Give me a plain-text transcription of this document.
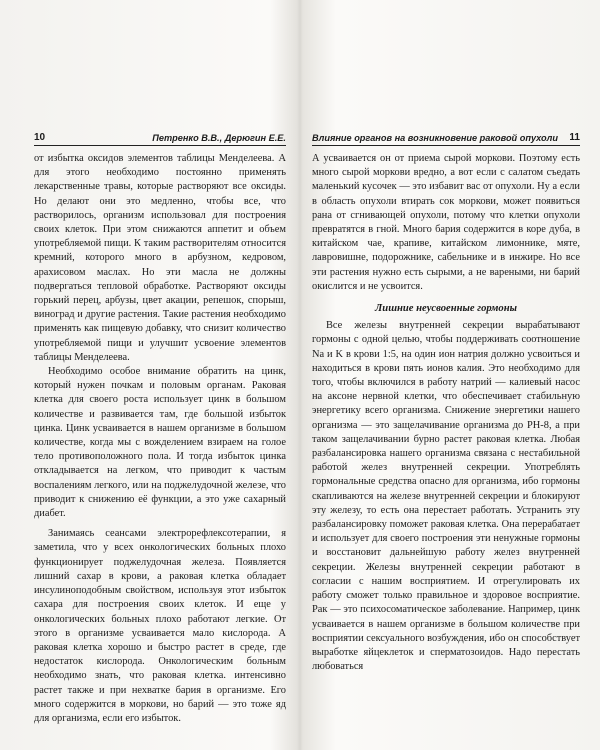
10	Петренко В.В., Дерюгин Е.Е.

от избытка оксидов элементов таблицы Менделеева. А для этого необходимо постоянно применять лекарственные травы, которые растворяют все оксиды. Но делают они это медленно, чтобы все, что растворилось, организм использовал для построения своих клеток. При этом снижаются аппетит и объем употребляемой пищи. К таким растворителям относится кремний, которого много в арбузном, кедровом, арахисовом маслах. Но эти масла не должны подвергаться тепловой обработке. Растворяют оксиды горький перец, арбузы, цвет акации, репешок, спорыш, виноград и другие растения. Такие растения необходимо применять как пищевую добавку, что снизит количество употребляемой пищи и улучшит усвоение элементов таблицы Менделеева.

Необходимо особое внимание обратить на цинк, который нужен почкам и половым органам. Раковая клетка для своего роста использует цинк в большом количестве и развивается там, где большой избыток цинка. Цинк усваивается в нашем организме в большом количестве, когда мы с вожделением взираем на голое тело противоположного пола. И тогда избыток цинка откладывается на легком, что приводит к частым воспалениям легкого, или на поджелудочной железе, что приводит к снижению её функции, а это уже сахарный диабет.

Занимаясь сеансами электрорефлексотерапии, я заметила, что у всех онкологических больных плохо функционирует поджелудочная железа. Появляется лишний сахар в крови, а раковая клетка обладает инсулиноподобным свойством, используя этот избыток сахара для построения своих клеток. И еще у онкологических больных плохо работают легкие. От этого в организме усваивается мало кислорода. А раковая клетка хорошо и быстро растет в среде, где недостаток кислорода. Онкологическим больным необходимо знать, что раковая клетка. интенсивно растет также и при нехватке бария в организме. Его много содержится в моркови, но барий — это тоже яд для организма, если его избыток.

Влияние органов на возникновение раковой опухоли 11

А усваивается он от приема сырой моркови. Поэтому есть много сырой моркови вредно, а вот если с салатом съедать маленький кусочек — это избавит вас от опухоли. Ну а если в область опухоли втирать сок моркови, может появиться рана от сгнивающей опухоли, потому что клетки опухоли превратятся в гной. Много бария содержится в коре дуба, в китайском чае, крапиве, китайском лимоннике, мяте, лавровишне, подорожнике, сабельнике и в инжире. Но все эти растения нужно есть сырыми, а не вареными, ни барий окислится и не усвоится.

Лишние неусвоенные гормоны

Все железы внутренней секреции вырабатывают гормоны с одной целью, чтобы поддерживать соотношение Na и K в крови 1:5, на один ион натрия должно усвоиться и находиться в крови пять ионов калия. Это необходимо для того, чтобы включился в работу натрий — калиевый насос на аксоне нервной клетки, что обеспечивает стабильную энергетику всего организма. Снижение энергетики нашего организма — это защелачивание организма до PH-8, а при таком защелачивании бурно растет раковая клетка. Любая разбалансировка нашего организма связана с нестабильной работой желез внутренней секреции. Употреблять гормональные средства опасно для организма, ибо гормоны скапливаются на железе внутренней секреции и блокируют эту железу, то есть она перестает работать. Устранить эту разбалансировку поможет раковая клетка. Она перерабатает и использует для своего построения эти ненужные гормоны и восстановит дальнейшую работу желез внутренней секреции. Железы внутренней секреции работают в согласии с нашим восприятием. И отрегулировать их работу сможет только правильное и здоровое восприятие. Рак — это психосоматическое заболевание. Например, цинк усваивается в нашем организме в большом количестве при восприятии сексуального возбуждения, ибо он способствует выработке яйцеклеток и сперматозоидов. Надо перестать любоваться
